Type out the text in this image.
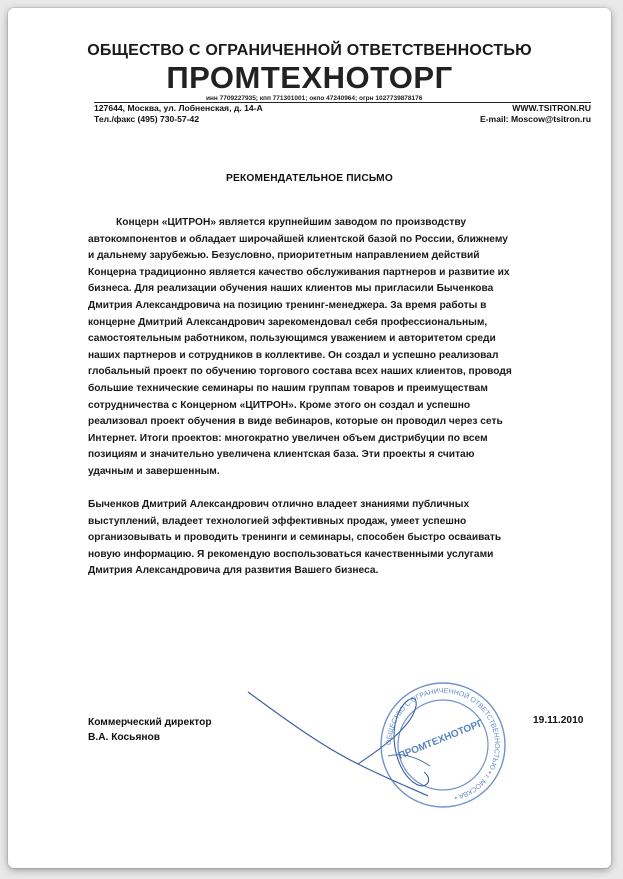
ОБЩЕСТВО С ОГРАНИЧЕННОЙ ОТВЕТСТВЕННОСТЬЮ
ПРОМТЕХНОТОРГ
инн 7709227935; кпп 771301001; окпо 47240964; огрн 1027739878176
127644, Москва, ул. Лобненская, д. 14-А
Тел./факс (495) 730-57-42
WWW.TSITRON.RU
E-mail: Moscow@tsitron.ru
РЕКОМЕНДАТЕЛЬНОЕ ПИСЬМО

Концерн «ЦИТРОН» является крупнейшим заводом по производству
автокомпонентов и обладает широчайшей клиентской базой по России, ближнему
и дальнему зарубежью. Безусловно, приоритетным направлением действий
Концерна традиционно является качество обслуживания партнеров и развитие их
бизнеса. Для реализации обучения наших клиентов мы пригласили Быченкова
Дмитрия Александровича на позицию тренинг-менеджера. За время работы в
концерне Дмитрий Александрович зарекомендовал себя профессиональным,
самостоятельным работником, пользующимся уважением и авторитетом среди
наших партнеров и сотрудников в коллективе. Он создал и успешно реализовал
глобальный проект по обучению торгового состава всех наших клиентов, проводя
большие технические семинары по нашим группам товаров и преимуществам
сотрудничества с Концерном «ЦИТРОН». Кроме этого он создал и успешно
реализовал проект обучения в виде вебинаров, которые он проводил через сеть
Интернет. Итоги проектов: многократно увеличен объем дистрибуции по всем
позициям и значительно увеличена клиентская база. Эти проекты я считаю
удачным и завершенным.

Быченков Дмитрий Александрович отлично владеет знаниями публичных
выступлений, владеет технологией эффективных продаж, умеет успешно
организовывать и проводить тренинги и семинары, способен быстро осваивать
новую информацию. Я рекомендую воспользоваться качественными услугами
Дмитрия Александровича для развития Вашего бизнеса.

ОБЩЕСТВО С ОГРАНИЧЕННОЙ ОТВЕТСТВЕННОСТЬЮ • г. МОСКВА •
ПРОМТЕХНОТОРГ
Коммерческий директор
В.А. Косьянов
19.11.2010
